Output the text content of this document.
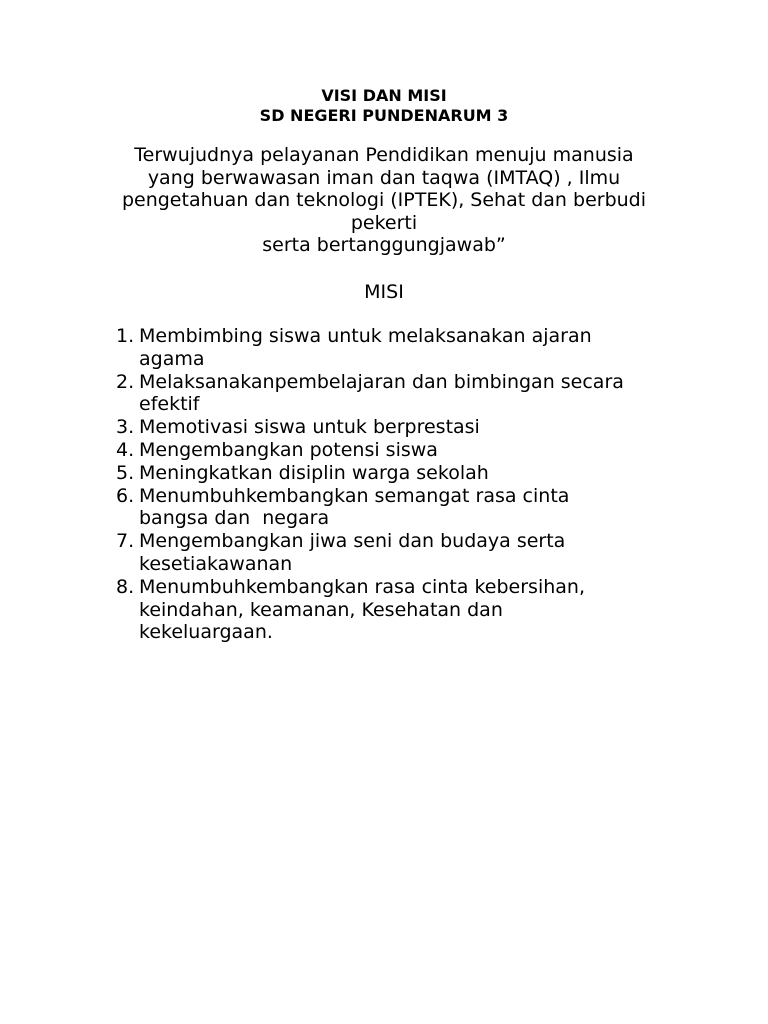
VISI DAN MISI
SD NEGERI PUNDENARUM 3
Terwujudnya pelayanan Pendidikan menuju manusia
yang berwawasan iman dan taqwa (IMTAQ) , Ilmu
pengetahuan dan teknologi (IPTEK), Sehat dan berbudi
pekerti
serta bertanggungjawab”
MISI
1. Membimbing siswa untuk melaksanakan ajaran
agama
2. Melaksanakanpembelajaran dan bimbingan secara
efektif
3. Memotivasi siswa untuk berprestasi
4. Mengembangkan potensi siswa
5. Meningkatkan disiplin warga sekolah
6. Menumbuhkembangkan semangat rasa cinta
bangsa dan  negara
7. Mengembangkan jiwa seni dan budaya serta
kesetiakawanan
8. Menumbuhkembangkan rasa cinta kebersihan,
keindahan, keamanan, Kesehatan dan
kekeluargaan.
